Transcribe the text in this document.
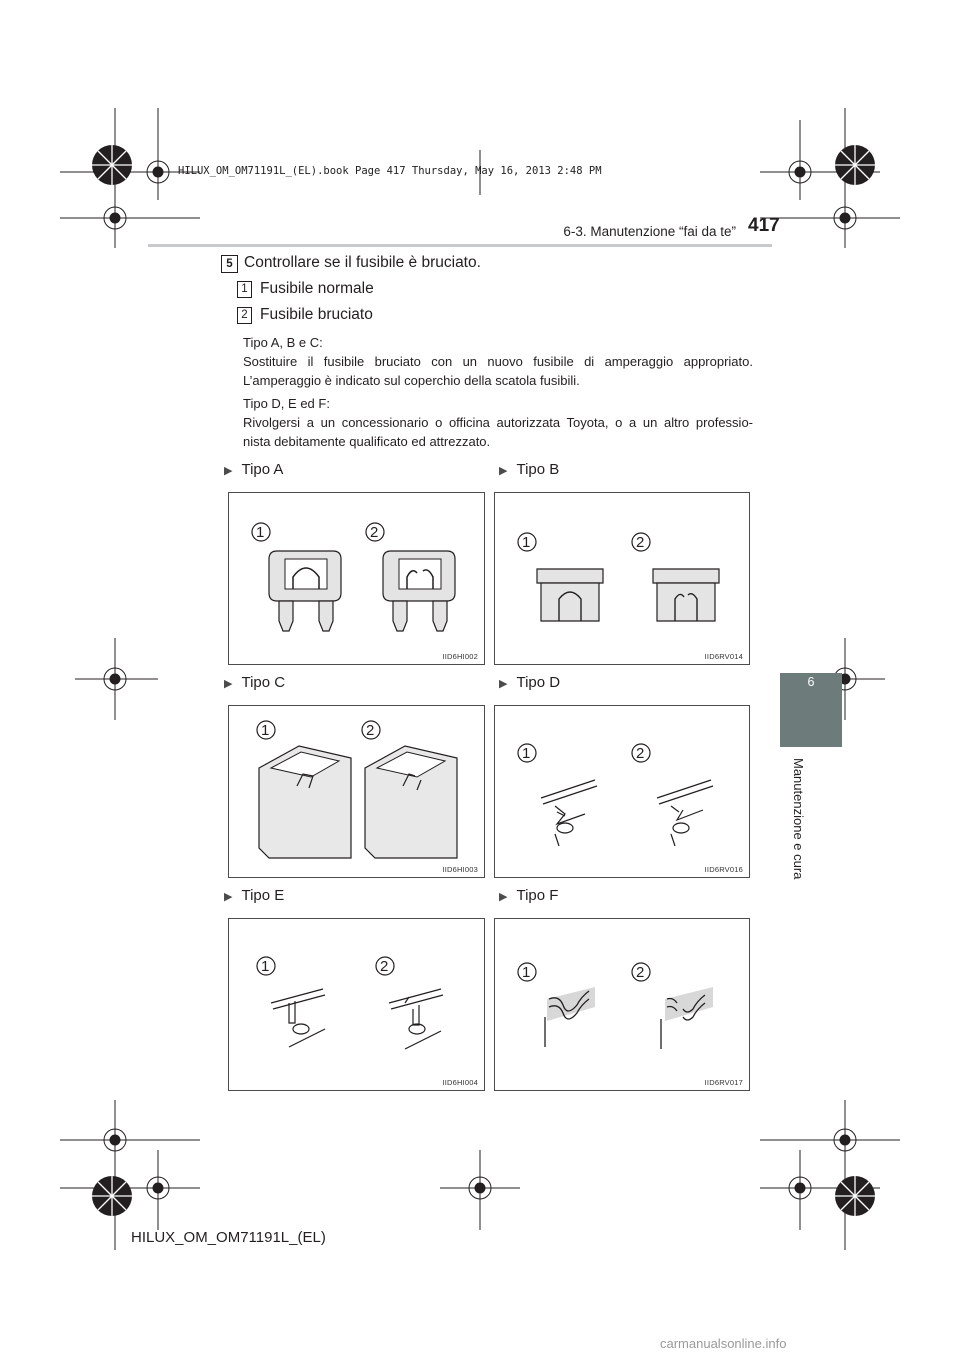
HILUX_OM_OM71191L_(EL).book Page 417 Thursday, May 16, 2013 2:48 PM
6-3. Manutenzione “fai da te” 417
6
Manutenzione e cura
5 Controllare se il fusibile è bruciato.
1 Fusibile normale
2 Fusibile bruciato
Tipo A, B e C:
Sostituire il fusibile bruciato con un nuovo fusibile di amperaggio appropriato.
L’amperaggio è indicato sul coperchio della scatola fusibili.
Tipo D, E ed F:
Rivolgersi a un concessionario o officina autorizzata Toyota, o a un altro professio-
nista debitamente qualificato ed attrezzato.
▶ Tipo A	▶ Tipo B
▶ Tipo C	▶ Tipo D
▶ Tipo E	▶ Tipo F
1	2
IID6HI002
1	2
IID6RV014
1	2
IID6HI003
1	2
IID6RV016
1	2
IID6HI004
1	2
IID6RV017
HILUX_OM_OM71191L_(EL)
carmanualsonline.info
